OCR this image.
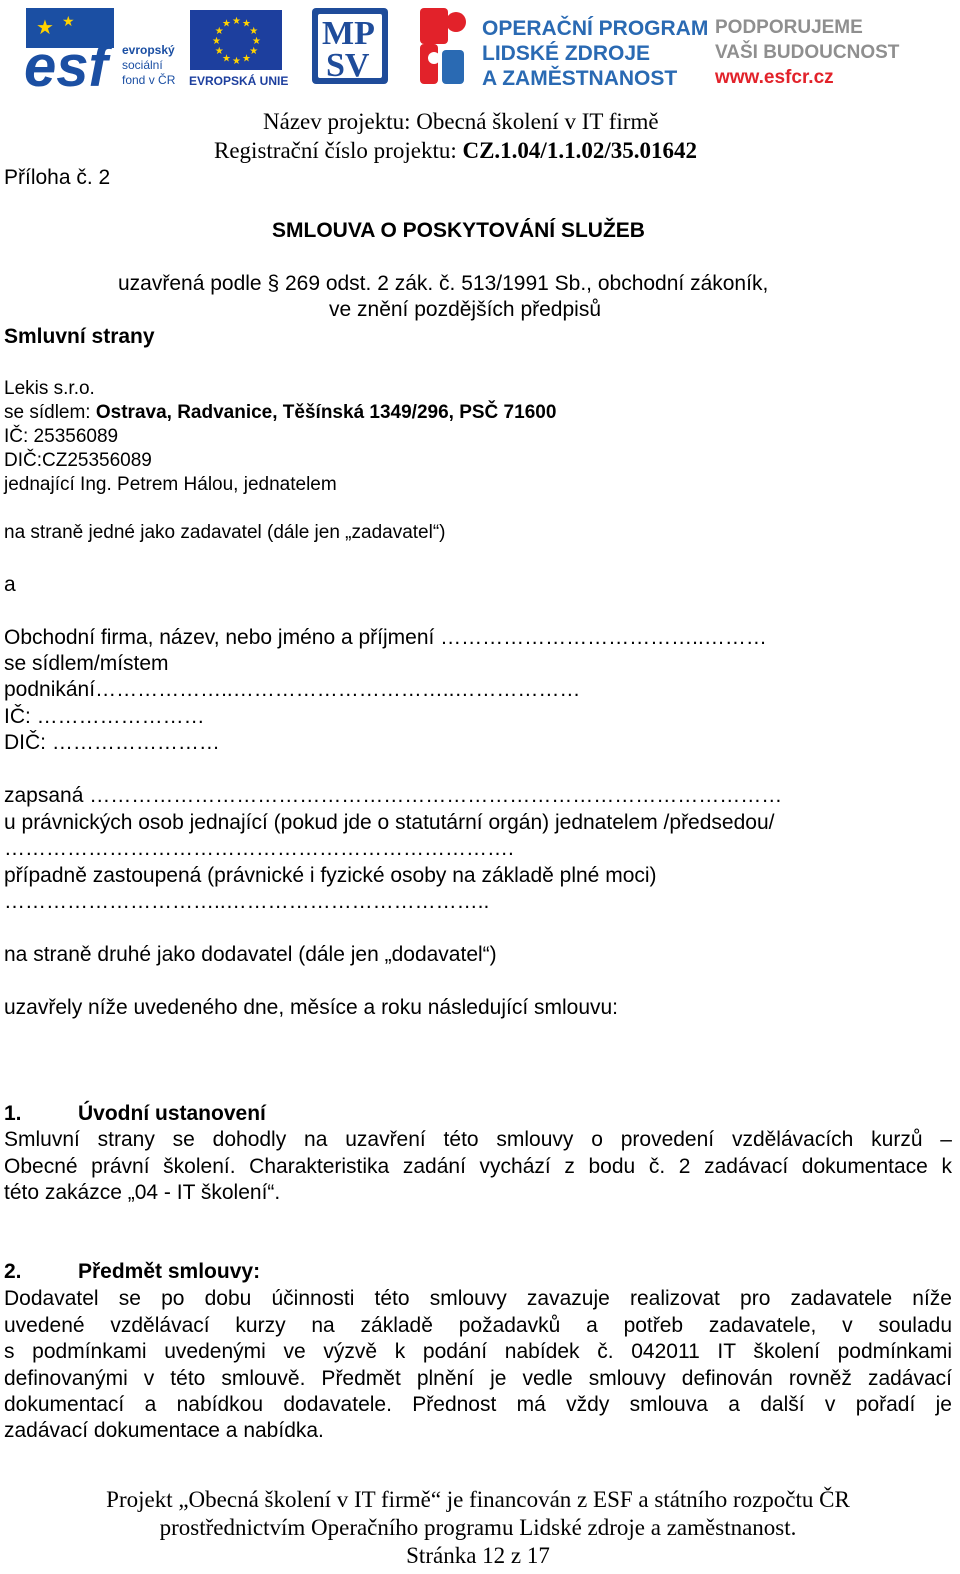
★ ★
esf	evropský
sociální
fond v ČR
★ ★
★
★
★
★
★
★
★
★
★
★
EVROPSKÁ UNIE
MP
SV
OPERAČNÍ PROGRAM
LIDSKÉ ZDROJE
A ZAMĚSTNANOST
PODPORUJEME
VAŠI BUDOUCNOST
www.esfcr.cz
Název projektu: Obecná školení v IT firmě
Registrační číslo projektu: CZ.1.04/1.1.02/35.01642
Příloha č. 2
SMLOUVA O POSKYTOVÁNÍ SLUŽEB
uzavřená podle § 269 odst. 2 zák. č. 513/1991 Sb., obchodní zákoník,
ve znění pozdějších předpisů
Smluvní strany
Lekis s.r.o.
se sídlem: Ostrava, Radvanice, Těšínská 1349/296, PSČ 71600
IČ: 25356089
DIČ:CZ25356089
jednající Ing. Petrem Hálou, jednatelem
na straně jedné jako zadavatel (dále jen „zadavatel“)
a
Obchodní firma, název, nebo jméno a příjmení ………………………………..………
se sídlem/místem
podnikání………………..…………………………..………………
IČ: ……………………
DIČ: ……………………
zapsaná ………………………………………………………………………………………
u právnických osob jednající (pokud jde o statutární orgán) jednatelem /předsedou/
……………………………………………………………….
případně zastoupená (právnické i fyzické osoby na základě plné moci)
…………………………..………………………………..
na straně druhé jako dodavatel (dále jen „dodavatel“)
uzavřely níže uvedeného dne, měsíce a roku následující smlouvu:
1.	Úvodní ustanovení
Smluvní strany se dohodly na uzavření této smlouvy o provedení vzdělávacích kurzů –
Obecné právní školení. Charakteristika zadání vychází z bodu č. 2 zadávací dokumentace k
této zakázce „04 - IT školení“.
2.	Předmět smlouvy:
Dodavatel se po dobu účinnosti této smlouvy zavazuje realizovat pro zadavatele níže
uvedené vzdělávací kurzy na základě požadavků a potřeb zadavatele, v souladu
s podmínkami uvedenými ve výzvě k podání nabídek č. 042011 IT školení podmínkami
definovanými v této smlouvě. Předmět plnění je vedle smlouvy definován rovněž zadávací
dokumentací a nabídkou dodavatele. Přednost má vždy smlouva a další v pořadí je
zadávací dokumentace a nabídka.
Projekt „Obecná školení v IT firmě“ je financován z ESF a státního rozpočtu ČR
prostřednictvím Operačního programu Lidské zdroje a zaměstnanost.
Stránka 12 z 17
